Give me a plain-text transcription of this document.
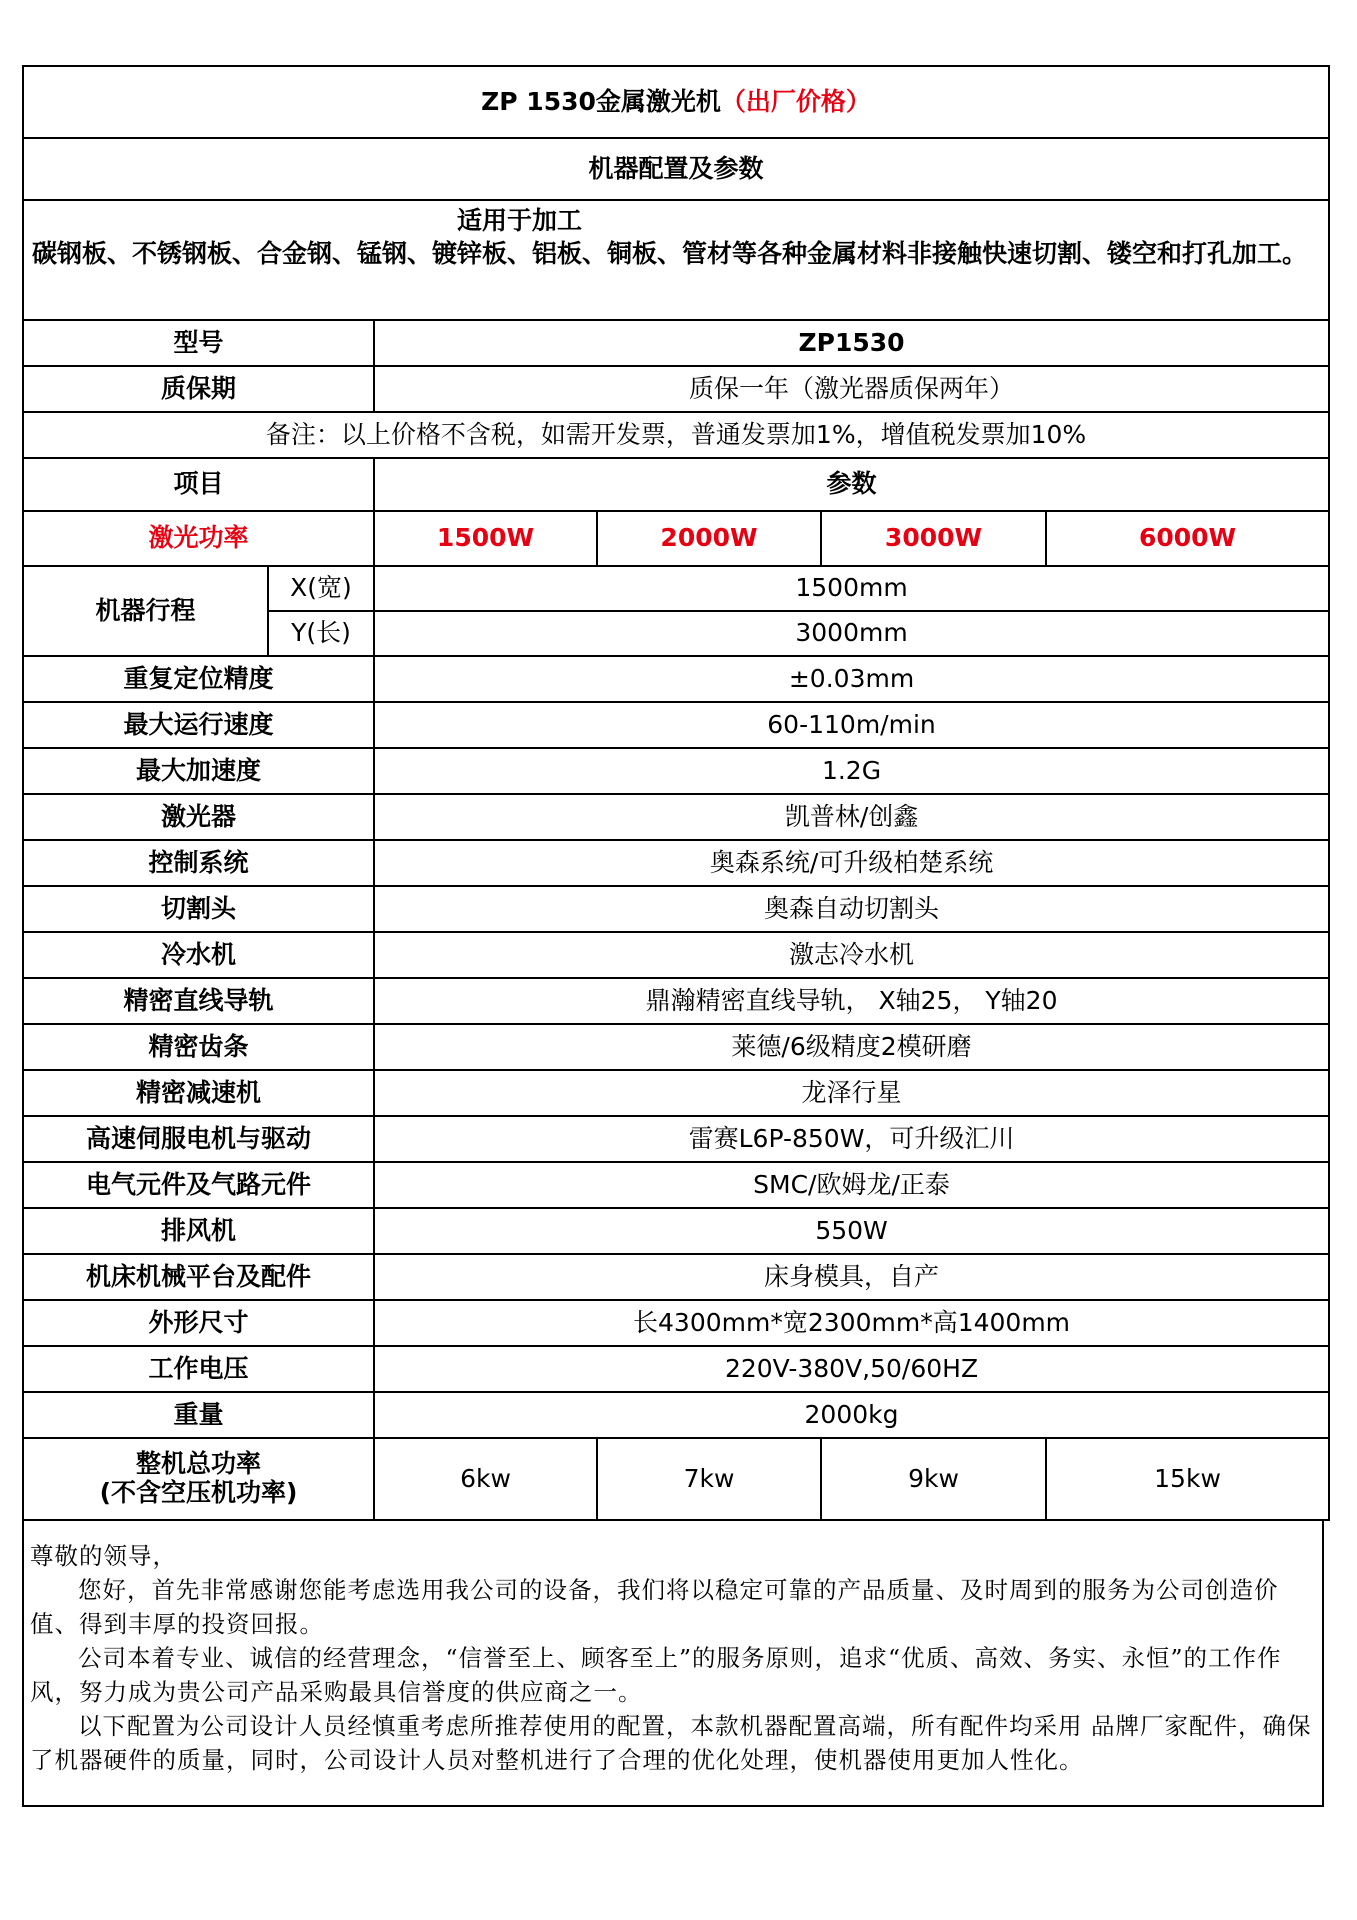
ZP 1530金属激光机（出厂价格）					
机器配置及参数					

适用于加工
碳钢板、不锈钢板、合金钢、锰钢、镀锌板、铝板、铜板、管材等各种金属材料非接触快速切割、镂空和打孔加工。					
型号		ZP1530			
质保期		质保一年（激光器质保两年）			
备注：以上价格不含税，如需开发票，普通发票加1%，增值税发票加10%					
项目		参数			
激光功率		1500W	2000W	3000W	6000W
机器行程	X(宽)	1500mm			
	Y(长)	3000mm			
重复定位精度		±0.03mm			
最大运行速度		60-110m/min			
最大加速度		1.2G			
激光器		凯普林/创鑫			
控制系统		奥森系统/可升级柏楚系统			
切割头		奥森自动切割头			
冷水机		激志冷水机			
精密直线导轨		鼎瀚精密直线导轨， X轴25， Y轴20			
精密齿条		莱德/6级精度2模研磨			
精密减速机		龙泽行星			
高速伺服电机与驱动		雷赛L6P-850W，可升级汇川			
电气元件及气路元件		SMC/欧姆龙/正泰			
排风机		550W			
机床机械平台及配件		床身模具，自产			
外形尺寸		长4300mm*宽2300mm*高1400mm			
工作电压		220V-380V,50/60HZ			
重量		2000kg			
整机总功率
(不含空压机功率)		6kw	7kw	9kw	15kw

尊敬的领导，

您好，首先非常感谢您能考虑选用我公司的设备，我们将以稳定可靠的产品质量、及时周到的服务为公司创造价值、得到丰厚的投资回报。

公司本着专业、诚信的经营理念，“信誉至上、顾客至上”的服务原则，追求“优质、高效、务实、永恒”的工作作风，努力成为贵公司产品采购最具信誉度的供应商之一。

以下配置为公司设计人员经慎重考虑所推荐使用的配置，本款机器配置高端，所有配件均采用 品牌厂家配件，确保了机器硬件的质量，同时，公司设计人员对整机进行了合理的优化处理，使机器使用更加人性化。
